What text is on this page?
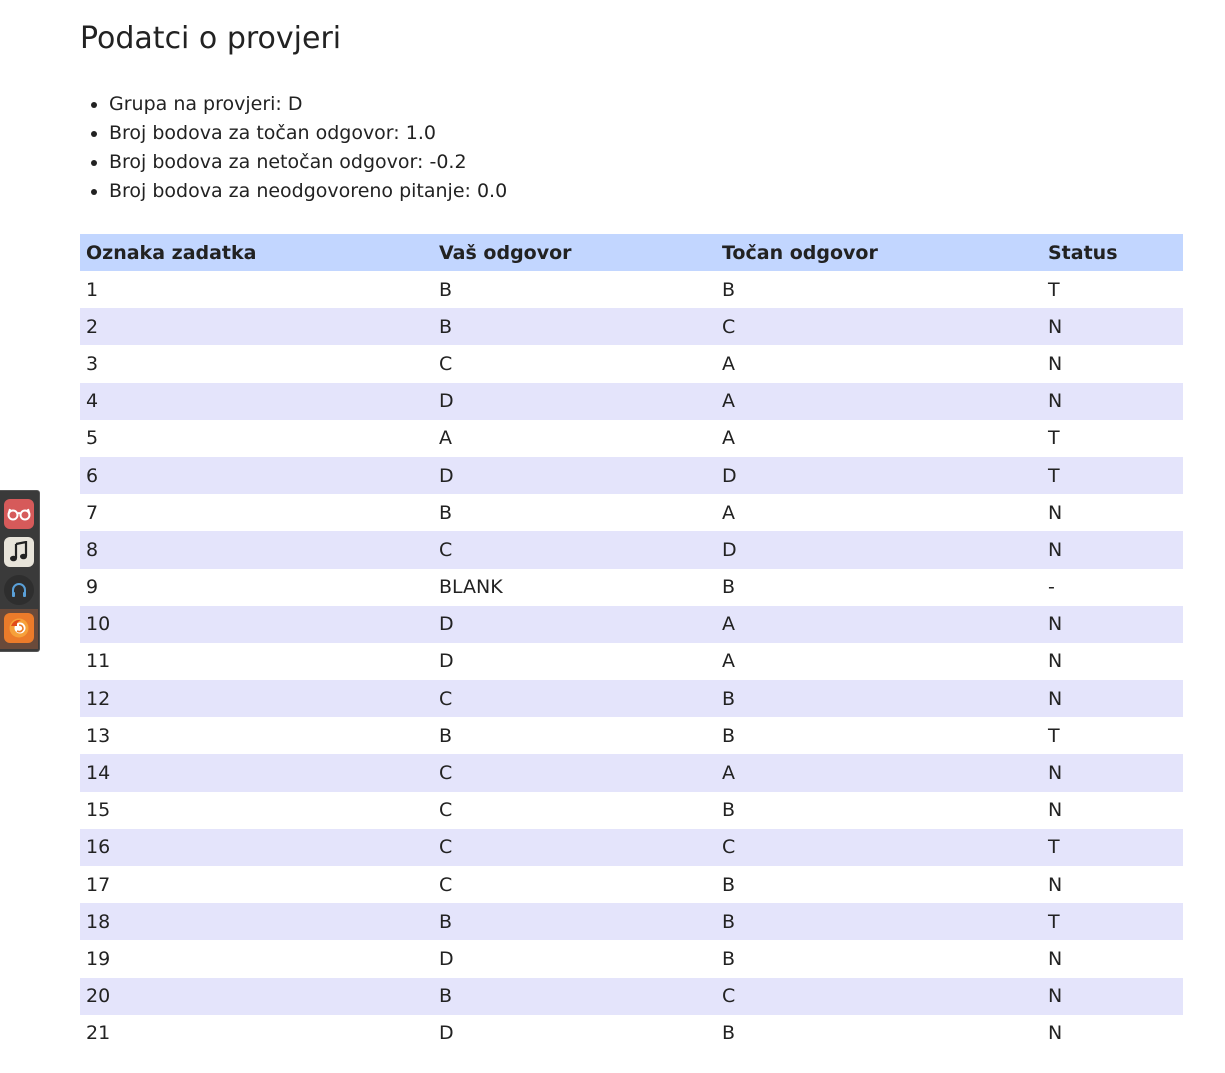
Podatci o provjeri
• Grupa na provjeri: D
• Broj bodova za točan odgovor: 1.0
• Broj bodova za netočan odgovor: -0.2
• Broj bodova za neodgovoreno pitanje: 0.0
Oznaka zadatka	Vaš odgovor	Točan odgovor	Status
1	B	B	T
2	B	C	N
3	C	A	N
4	D	A	N
5	A	A	T
6	D	D	T
7	B	A	N
8	C	D	N
9	BLANK	B	-
10	D	A	N
11	D	A	N
12	C	B	N
13	B	B	T
14	C	A	N
15	C	B	N
16	C	C	T
17	C	B	N
18	B	B	T
19	D	B	N
20	B	C	N
21	D	B	N
